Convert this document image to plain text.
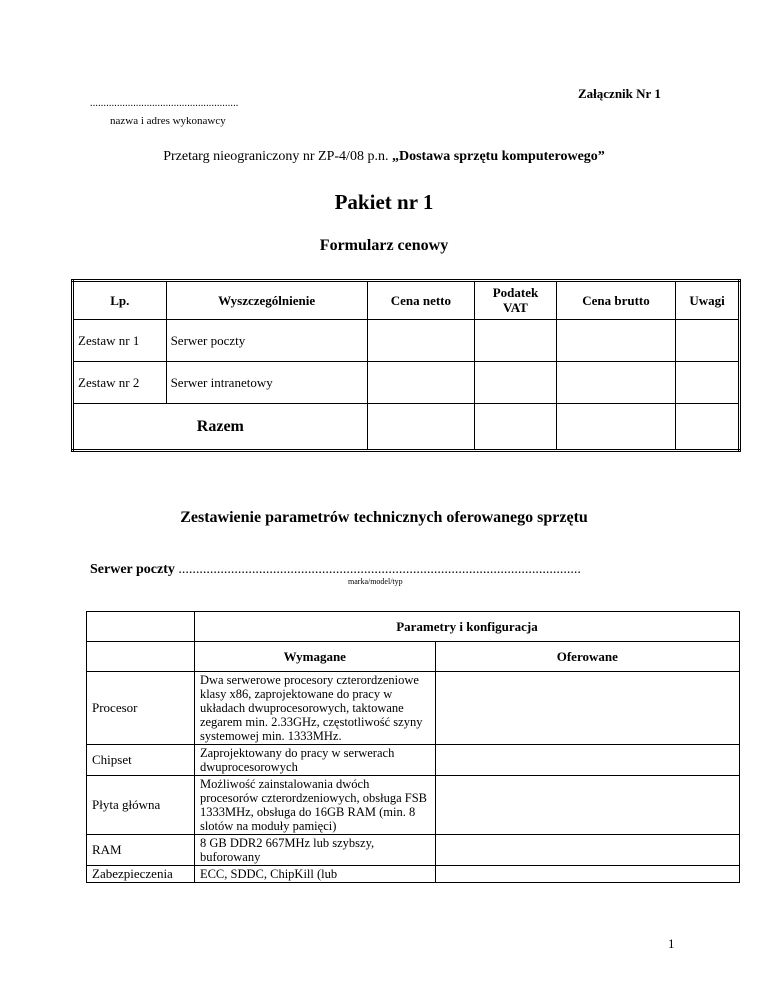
Załącznik Nr 1
.......................................................
nazwa i adres wykonawcy
Przetarg nieograniczony nr ZP-4/08 p.n. „Dostawa sprzętu komputerowego”
Pakiet nr 1
Formularz cenowy
Lp.	Wyszczególnienie	Cena netto	Podatek VAT	Cena brutto	Uwagi
Zestaw nr 1	Serwer poczty				
Zestaw nr 2	Serwer intranetowy				
Razem					
Zestawienie parametrów technicznych oferowanego sprzętu
Serwer poczty ...................................................................................................................
marka/model/typ
	Parametry i konfiguracja	
	Wymagane	Oferowane
Procesor	Dwa serwerowe procesory czterordzeniowe klasy x86, zaprojektowane do pracy w układach dwuprocesorowych, taktowane zegarem min. 2.33GHz, częstotliwość szyny systemowej min. 1333MHz.	
Chipset	Zaprojektowany do pracy w serwerach dwuprocesorowych	
Płyta główna	Możliwość zainstalowania dwóch procesorów czterordzeniowych, obsługa FSB 1333MHz, obsługa do 16GB RAM (min. 8 slotów na moduły pamięci)	
RAM	8 GB DDR2 667MHz lub szybszy, buforowany	
Zabezpieczenia	ECC, SDDC, ChipKill (lub	
1
